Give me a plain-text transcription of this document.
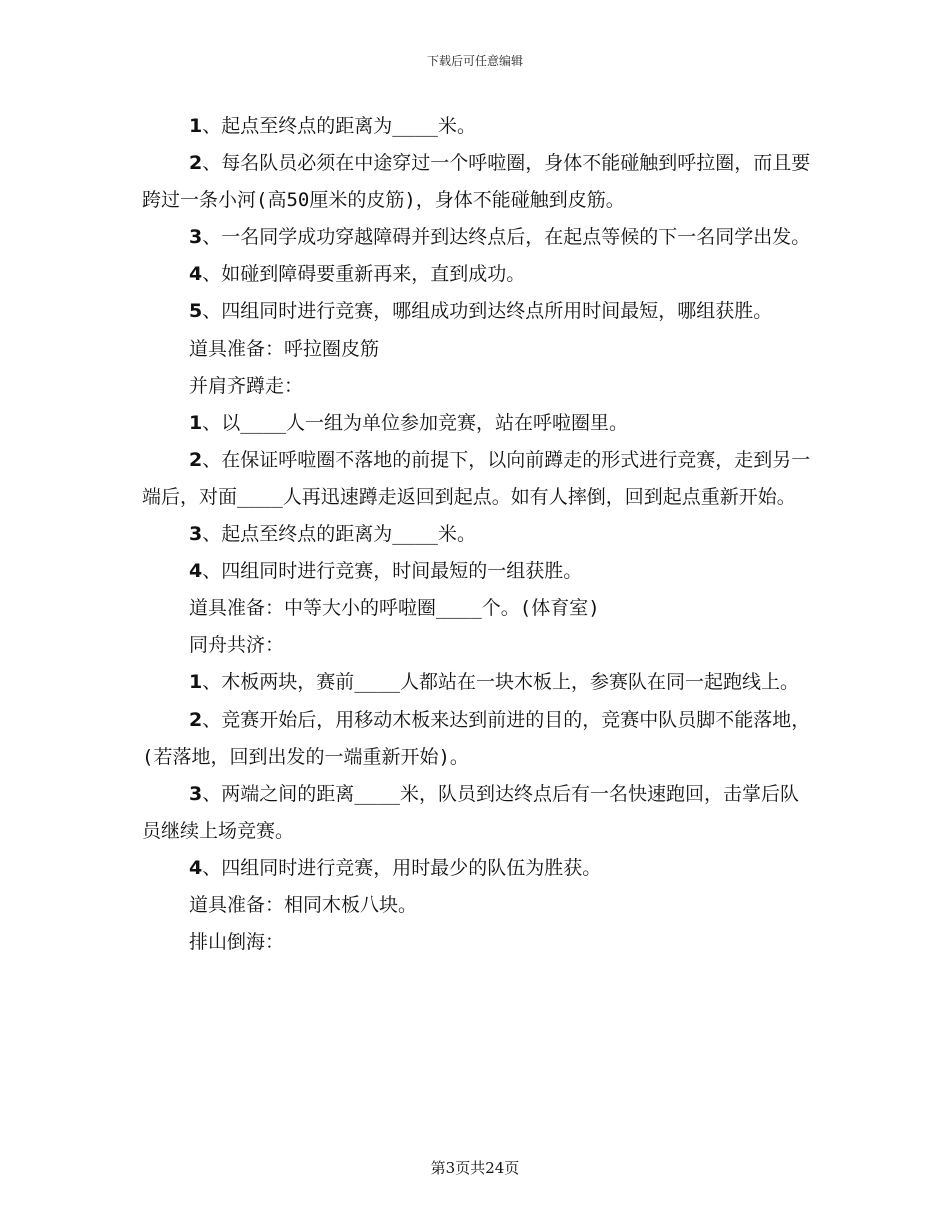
下载后可任意编辑

1、起点至终点的距离为____米。

2、每名队员必须在中途穿过一个呼啦圈，身体不能碰触到呼拉圈，而且要跨过一条小河(高50厘米的皮筋)，身体不能碰触到皮筋。

3、一名同学成功穿越障碍并到达终点后，在起点等候的下一名同学出发。

4、如碰到障碍要重新再来，直到成功。

5、四组同时进行竞赛，哪组成功到达终点所用时间最短，哪组获胜。

道具准备：呼拉圈皮筋

并肩齐蹲走：

1、以____人一组为单位参加竞赛，站在呼啦圈里。

2、在保证呼啦圈不落地的前提下，以向前蹲走的形式进行竞赛，走到另一端后，对面____人再迅速蹲走返回到起点。如有人摔倒，回到起点重新开始。

3、起点至终点的距离为____米。

4、四组同时进行竞赛，时间最短的一组获胜。

道具准备：中等大小的呼啦圈____个。(体育室)

同舟共济：

1、木板两块，赛前____人都站在一块木板上，参赛队在同一起跑线上。

2、竞赛开始后，用移动木板来达到前进的目的，竞赛中队员脚不能落地，(若落地，回到出发的一端重新开始)。

3、两端之间的距离____米，队员到达终点后有一名快速跑回，击掌后队员继续上场竞赛。

4、四组同时进行竞赛，用时最少的队伍为胜获。

道具准备：相同木板八块。

排山倒海：

第3页共24页
